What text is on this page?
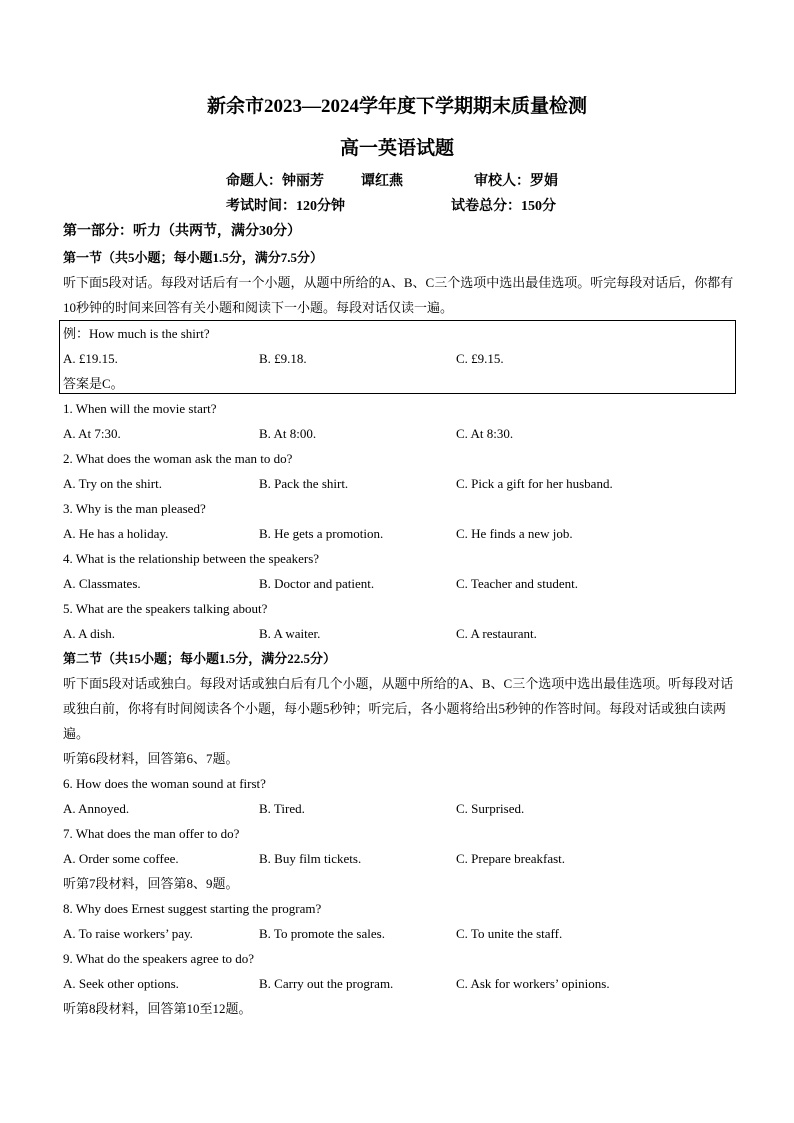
新余市2023—2024学年度下学期期末质量检测
高一英语试题
命题人：钟丽芳	谭红燕	审校人：罗娟
考试时间：120分钟	试卷总分：150分
第一部分：听力（共两节，满分30分）
第一节（共5小题；每小题1.5分，满分7.5分）
听下面5段对话。每段对话后有一个小题，从题中所给的A、B、C三个选项中选出最佳选项。听完每段对话后，你都有10秒钟的时间来回答有关小题和阅读下一小题。每段对话仅读一遍。
例：How much is the shirt?
A. £19.15.	B. £9.18.	C. £9.15.
答案是C。
1. When will the movie start?
A. At 7:30.	B. At 8:00.	C. At 8:30.
2. What does the woman ask the man to do?
A. Try on the shirt.	B. Pack the shirt.	C. Pick a gift for her husband.
3. Why is the man pleased?
A. He has a holiday.	B. He gets a promotion.	C. He finds a new job.
4. What is the relationship between the speakers?
A. Classmates.	B. Doctor and patient.	C. Teacher and student.
5. What are the speakers talking about?
A. A dish.	B. A waiter.	C. A restaurant.
第二节（共15小题；每小题1.5分，满分22.5分）
听下面5段对话或独白。每段对话或独白后有几个小题，从题中所给的A、B、C三个选项中选出最佳选项。听每段对话或独白前，你将有时间阅读各个小题，每小题5秒钟；听完后，各小题将给出5秒钟的作答时间。每段对话或独白读两遍。
听第6段材料，回答第6、7题。
6. How does the woman sound at first?
A. Annoyed.	B. Tired.	C. Surprised.
7. What does the man offer to do?
A. Order some coffee.	B. Buy film tickets.	C. Prepare breakfast.
听第7段材料，回答第8、9题。
8. Why does Ernest suggest starting the program?
A. To raise workers’ pay.	B. To promote the sales.	C. To unite the staff.
9. What do the speakers agree to do?
A. Seek other options.	B. Carry out the program.	C. Ask for workers’ opinions.
听第8段材料，回答第10至12题。
